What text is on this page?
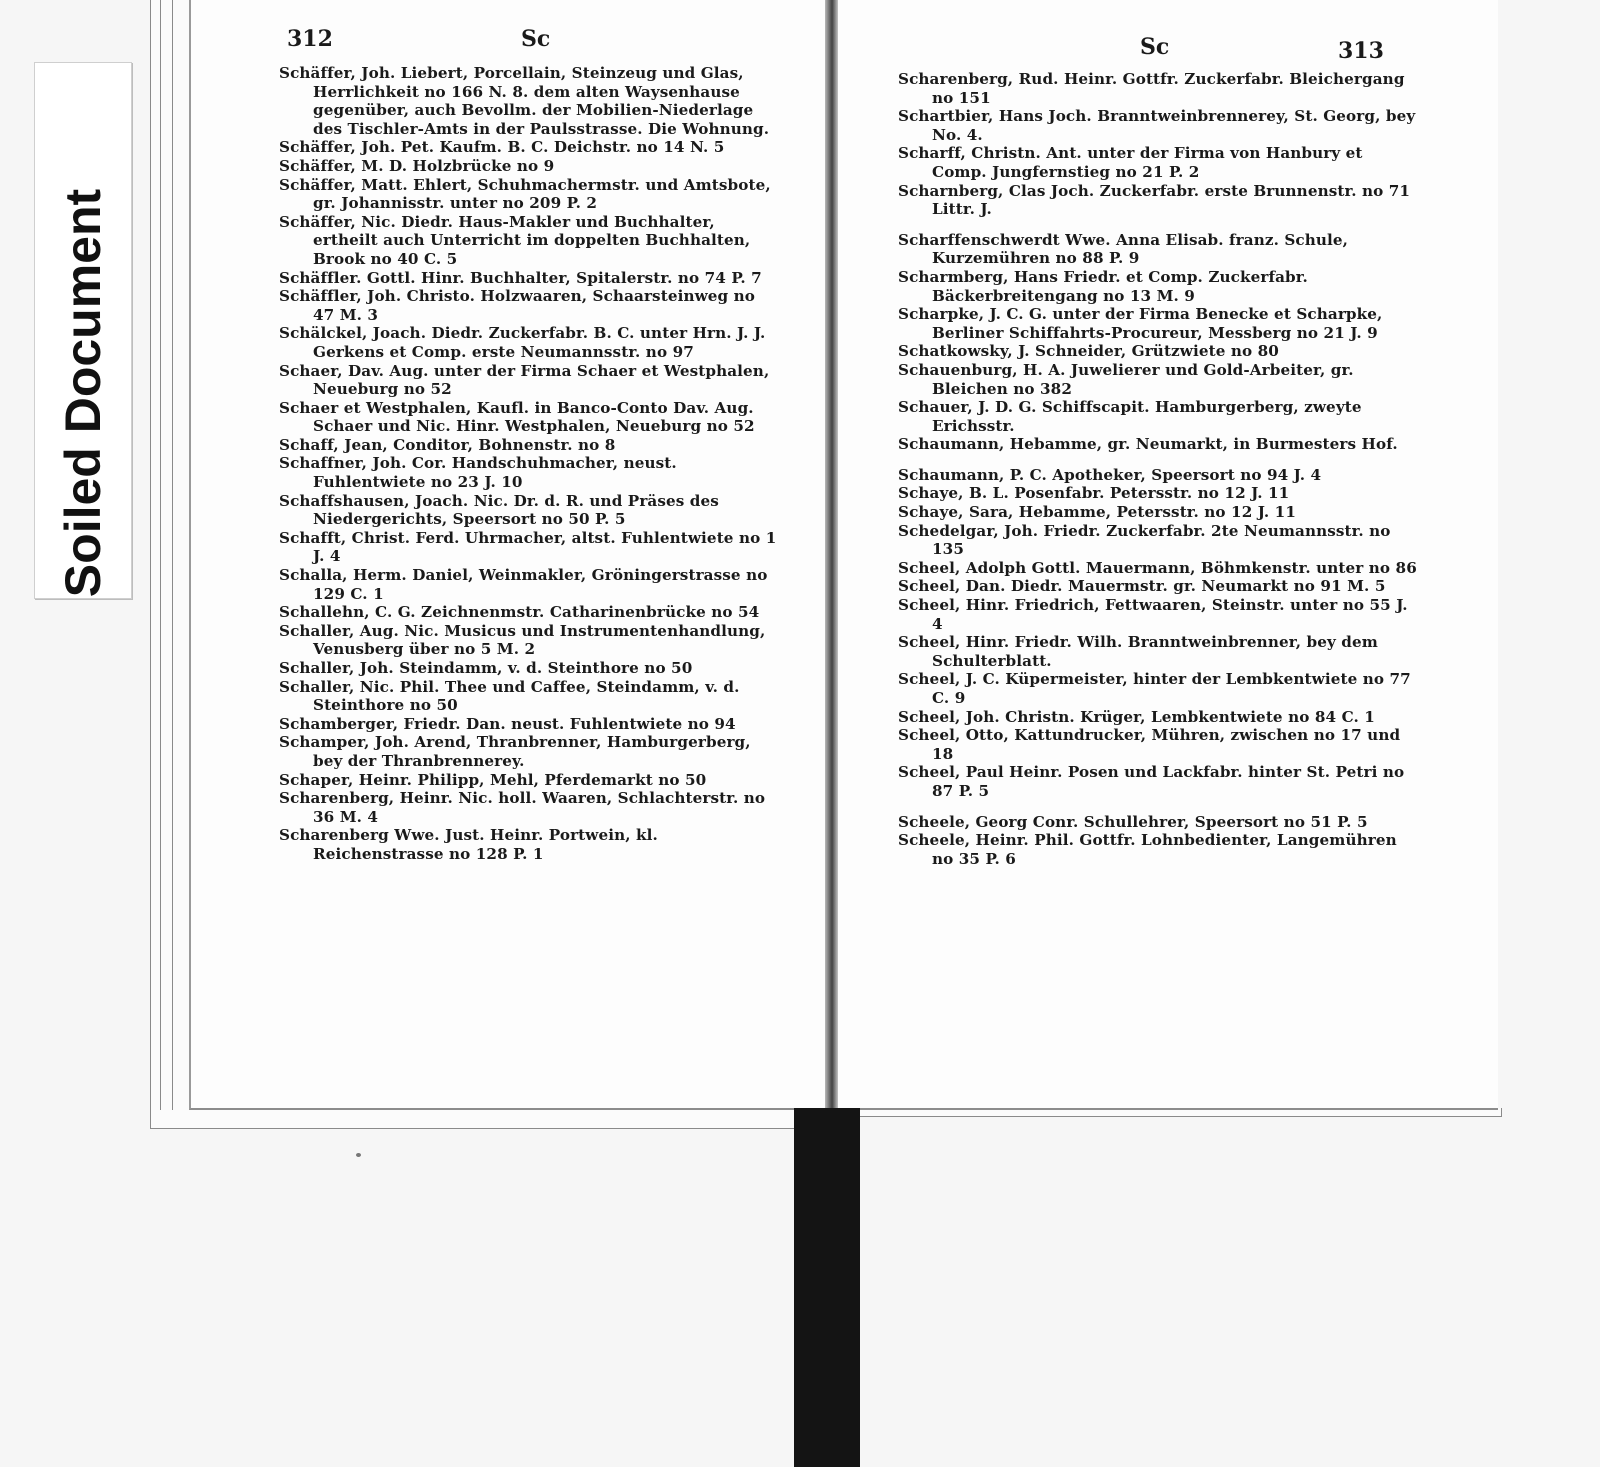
Soiled Document
312	Sc
Schäffer, Joh. Liebert, Porcellain, Steinzeug und Glas, Herrlichkeit no 166 N. 8. dem alten Waysenhause gegenüber, auch Bevollm. der Mobilien-Niederlage des Tischler-Amts in der Paulsstrasse. Die Wohnung.
Schäffer, Joh. Pet. Kaufm. B. C. Deichstr. no 14 N. 5
Schäffer, M. D. Holzbrücke no 9
Schäffer, Matt. Ehlert, Schuhmachermstr. und Amtsbote, gr. Johannisstr. unter no 209 P. 2
Schäffer, Nic. Diedr. Haus-Makler und Buchhalter, ertheilt auch Unterricht im doppelten Buchhalten, Brook no 40 C. 5
Schäffler. Gottl. Hinr. Buchhalter, Spitalerstr. no 74 P. 7
Schäffler, Joh. Christo. Holzwaaren, Schaarsteinweg no 47 M. 3
Schälckel, Joach. Diedr. Zuckerfabr. B. C. unter Hrn. J. J. Gerkens et Comp. erste Neumannsstr. no 97
Schaer, Dav. Aug. unter der Firma Schaer et Westphalen, Neueburg no 52
Schaer et Westphalen, Kaufl. in Banco-Conto Dav. Aug. Schaer und Nic. Hinr. Westphalen, Neueburg no 52
Schaff, Jean, Conditor, Bohnenstr. no 8
Schaffner, Joh. Cor. Handschuhmacher, neust. Fuhlentwiete no 23 J. 10
Schaffshausen, Joach. Nic. Dr. d. R. und Präses des Niedergerichts, Speersort no 50 P. 5
Schafft, Christ. Ferd. Uhrmacher, altst. Fuhlentwiete no 1 J. 4
Schalla, Herm. Daniel, Weinmakler, Gröningerstrasse no 129 C. 1
Schallehn, C. G. Zeichnenmstr. Catharinenbrücke no 54
Schaller, Aug. Nic. Musicus und Instrumentenhandlung, Venusberg über no 5 M. 2
Schaller, Joh. Steindamm, v. d. Steinthore no 50
Schaller, Nic. Phil. Thee und Caffee, Steindamm, v. d. Steinthore no 50
Schamberger, Friedr. Dan. neust. Fuhlentwiete no 94
Schamper, Joh. Arend, Thranbrenner, Hamburgerberg, bey der Thranbrennerey.
Schaper, Heinr. Philipp, Mehl, Pferdemarkt no 50
Scharenberg, Heinr. Nic. holl. Waaren, Schlachterstr. no 36 M. 4
Scharenberg Wwe. Just. Heinr. Portwein, kl. Reichenstrasse no 128 P. 1
Sc	313
Scharenberg, Rud. Heinr. Gottfr. Zuckerfabr. Bleichergang no 151
Schartbier, Hans Joch. Branntweinbrennerey, St. Georg, bey No. 4.
Scharff, Christn. Ant. unter der Firma von Hanbury et Comp. Jungfernstieg no 21 P. 2
Scharnberg, Clas Joch. Zuckerfabr. erste Brunnenstr. no 71 Littr. J.
Scharffenschwerdt Wwe. Anna Elisab. franz. Schule, Kurzemühren no 88 P. 9
Scharmberg, Hans Friedr. et Comp. Zuckerfabr. Bäckerbreitengang no 13 M. 9
Scharpke, J. C. G. unter der Firma Benecke et Scharpke, Berliner Schiffahrts-Procureur, Messberg no 21 J. 9
Schatkowsky, J. Schneider, Grützwiete no 80
Schauenburg, H. A. Juwelierer und Gold-Arbeiter, gr. Bleichen no 382
Schauer, J. D. G. Schiffscapit. Hamburgerberg, zweyte Erichsstr.
Schaumann, Hebamme, gr. Neumarkt, in Burmesters Hof.
Schaumann, P. C. Apotheker, Speersort no 94 J. 4
Schaye, B. L. Posenfabr. Petersstr. no 12 J. 11
Schaye, Sara, Hebamme, Petersstr. no 12 J. 11
Schedelgar, Joh. Friedr. Zuckerfabr. 2te Neumannsstr. no 135
Scheel, Adolph Gottl. Mauermann, Böhmkenstr. unter no 86
Scheel, Dan. Diedr. Mauermstr. gr. Neumarkt no 91 M. 5
Scheel, Hinr. Friedrich, Fettwaaren, Steinstr. unter no 55 J. 4
Scheel, Hinr. Friedr. Wilh. Branntweinbrenner, bey dem Schulterblatt.
Scheel, J. C. Küpermeister, hinter der Lembkentwiete no 77 C. 9
Scheel, Joh. Christn. Krüger, Lembkentwiete no 84 C. 1
Scheel, Otto, Kattundrucker, Mühren, zwischen no 17 und 18
Scheel, Paul Heinr. Posen und Lackfabr. hinter St. Petri no 87 P. 5
Scheele, Georg Conr. Schullehrer, Speersort no 51 P. 5
Scheele, Heinr. Phil. Gottfr. Lohnbedienter, Langemühren no 35 P. 6
